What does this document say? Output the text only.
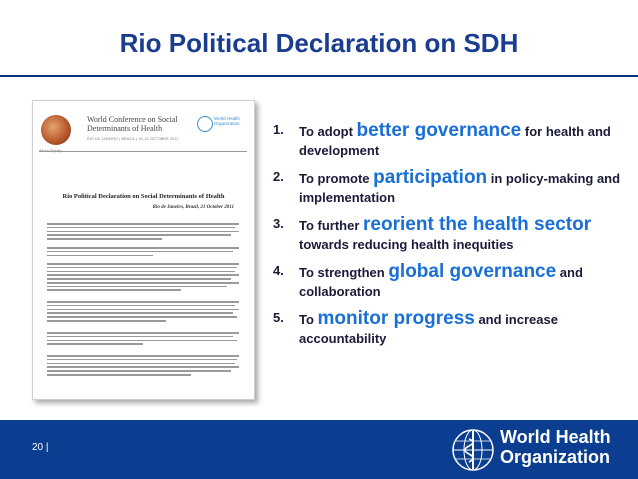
Rio Political Declaration on SDH
World Conference on Social Determinants of Health
RIO DE JANEIRO | BRAZIL | 19–21 OCTOBER 2011
World Health Organization
Rio Political Declaration on Social Determinants of Health
Rio de Janeiro, Brazil, 21 October 2011
1. To adopt better governance for health and development
2. To promote participation in policy-making and implementation
3. To further reorient the health sector towards reducing health inequities
4. To strengthen global governance and collaboration
5. To monitor progress and increase accountability
20 |
World Health
Organization
